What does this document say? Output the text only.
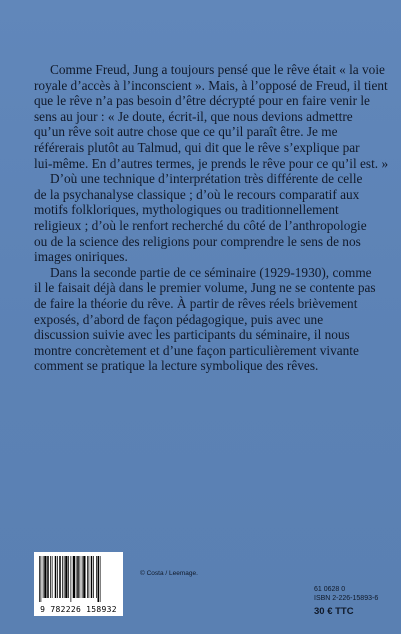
Comme Freud, Jung a toujours pensé que le rêve était « la voie
royale d’accès à l’inconscient ». Mais, à l’opposé de Freud, il tient
que le rêve n’a pas besoin d’être décrypté pour en faire venir le
sens au jour : « Je doute, écrit-il, que nous devions admettre
qu’un rêve soit autre chose que ce qu’il paraît être. Je me
référerais plutôt au Talmud, qui dit que le rêve s’explique par
lui-même. En d’autres termes, je prends le rêve pour ce qu’il est. »

D’où une technique d’interprétation très différente de celle
de la psychanalyse classique ; d’où le recours comparatif aux
motifs folkloriques, mythologiques ou traditionnellement
religieux ; d’où le renfort recherché du côté de l’anthropologie
ou de la science des religions pour comprendre le sens de nos
images oniriques.

Dans la seconde partie de ce séminaire (1929-1930), comme
il le faisait déjà dans le premier volume, Jung ne se contente pas
de faire la théorie du rêve. À partir de rêves réels brièvement
exposés, d’abord de façon pédagogique, puis avec une
discussion suivie avec les participants du séminaire, il nous
montre concrètement et d’une façon particulièrement vivante
comment se pratique la lecture symbolique des rêves.

© Costa / Leemage.
9 782226 158932
61 0628 0
ISBN 2-226-15893-6
30 € TTC
